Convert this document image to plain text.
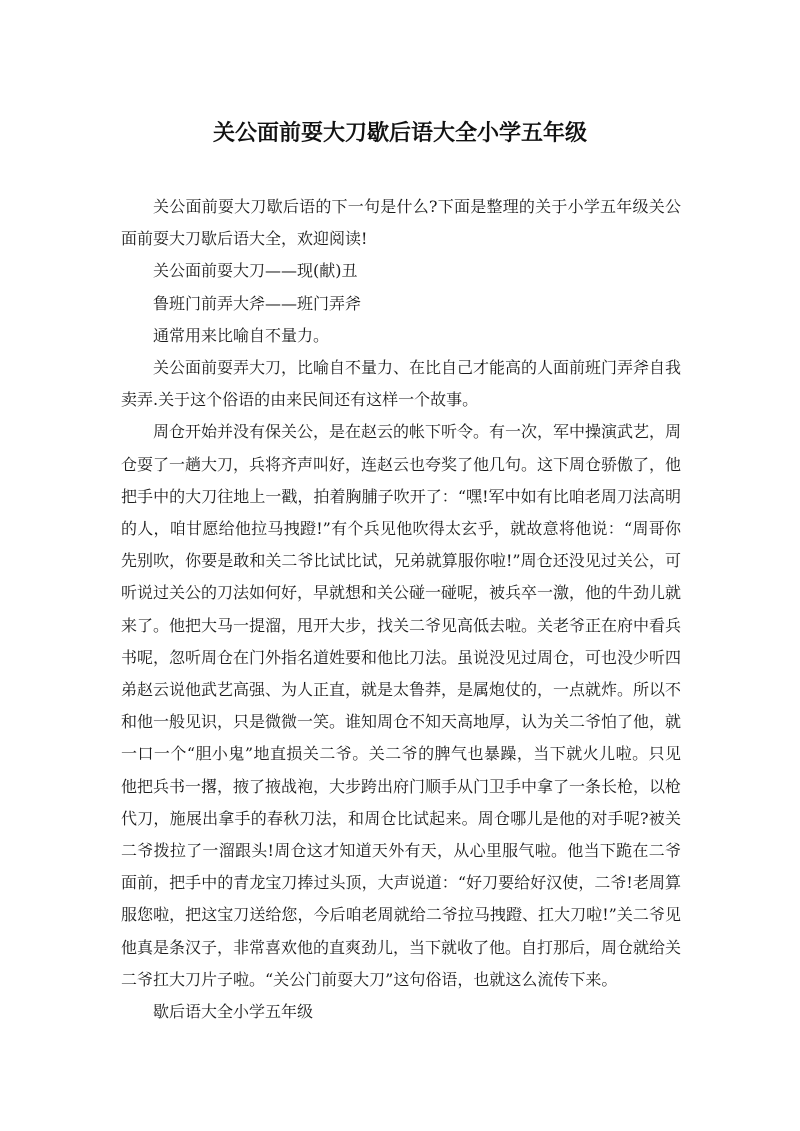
关公面前耍大刀歇后语大全小学五年级

关公面前耍大刀歇后语的下一句是什么?下面是整理的关于小学五年级关公面前耍大刀歇后语大全，欢迎阅读!

关公面前耍大刀——现(献)丑

鲁班门前弄大斧——班门弄斧

通常用来比喻自不量力。

关公面前耍弄大刀，比喻自不量力、在比自己才能高的人面前班门弄斧自我卖弄.关于这个俗语的由来民间还有这样一个故事。

周仓开始并没有保关公，是在赵云的帐下听令。有一次，军中操演武艺，周仓耍了一趟大刀，兵将齐声叫好，连赵云也夸奖了他几句。这下周仓骄傲了，他把手中的大刀往地上一戳，拍着胸脯子吹开了：“嘿!军中如有比咱老周刀法高明的人，咱甘愿给他拉马拽蹬!”有个兵见他吹得太玄乎，就故意将他说：“周哥你先别吹，你要是敢和关二爷比试比试，兄弟就算服你啦!”周仓还没见过关公，可听说过关公的刀法如何好，早就想和关公碰一碰呢，被兵卒一激，他的牛劲儿就来了。他把大马一提溜，甩开大步，找关二爷见高低去啦。关老爷正在府中看兵书呢，忽听周仓在门外指名道姓要和他比刀法。虽说没见过周仓，可也没少听四弟赵云说他武艺高强、为人正直，就是太鲁莽，是属炮仗的，一点就炸。所以不和他一般见识，只是微微一笑。谁知周仓不知天高地厚，认为关二爷怕了他，就一口一个“胆小鬼”地直损关二爷。关二爷的脾气也暴躁，当下就火儿啦。只见他把兵书一撂，掖了掖战袍，大步跨出府门顺手从门卫手中拿了一条长枪，以枪代刀，施展出拿手的春秋刀法，和周仓比试起来。周仓哪儿是他的对手呢?被关二爷拨拉了一溜跟头!周仓这才知道天外有天，从心里服气啦。他当下跪在二爷面前，把手中的青龙宝刀捧过头顶，大声说道：“好刀要给好汉使，二爷!老周算服您啦，把这宝刀送给您，今后咱老周就给二爷拉马拽蹬、扛大刀啦!”关二爷见他真是条汉子，非常喜欢他的直爽劲儿，当下就收了他。自打那后，周仓就给关二爷扛大刀片子啦。“关公门前耍大刀”这句俗语，也就这么流传下来。

歇后语大全小学五年级
